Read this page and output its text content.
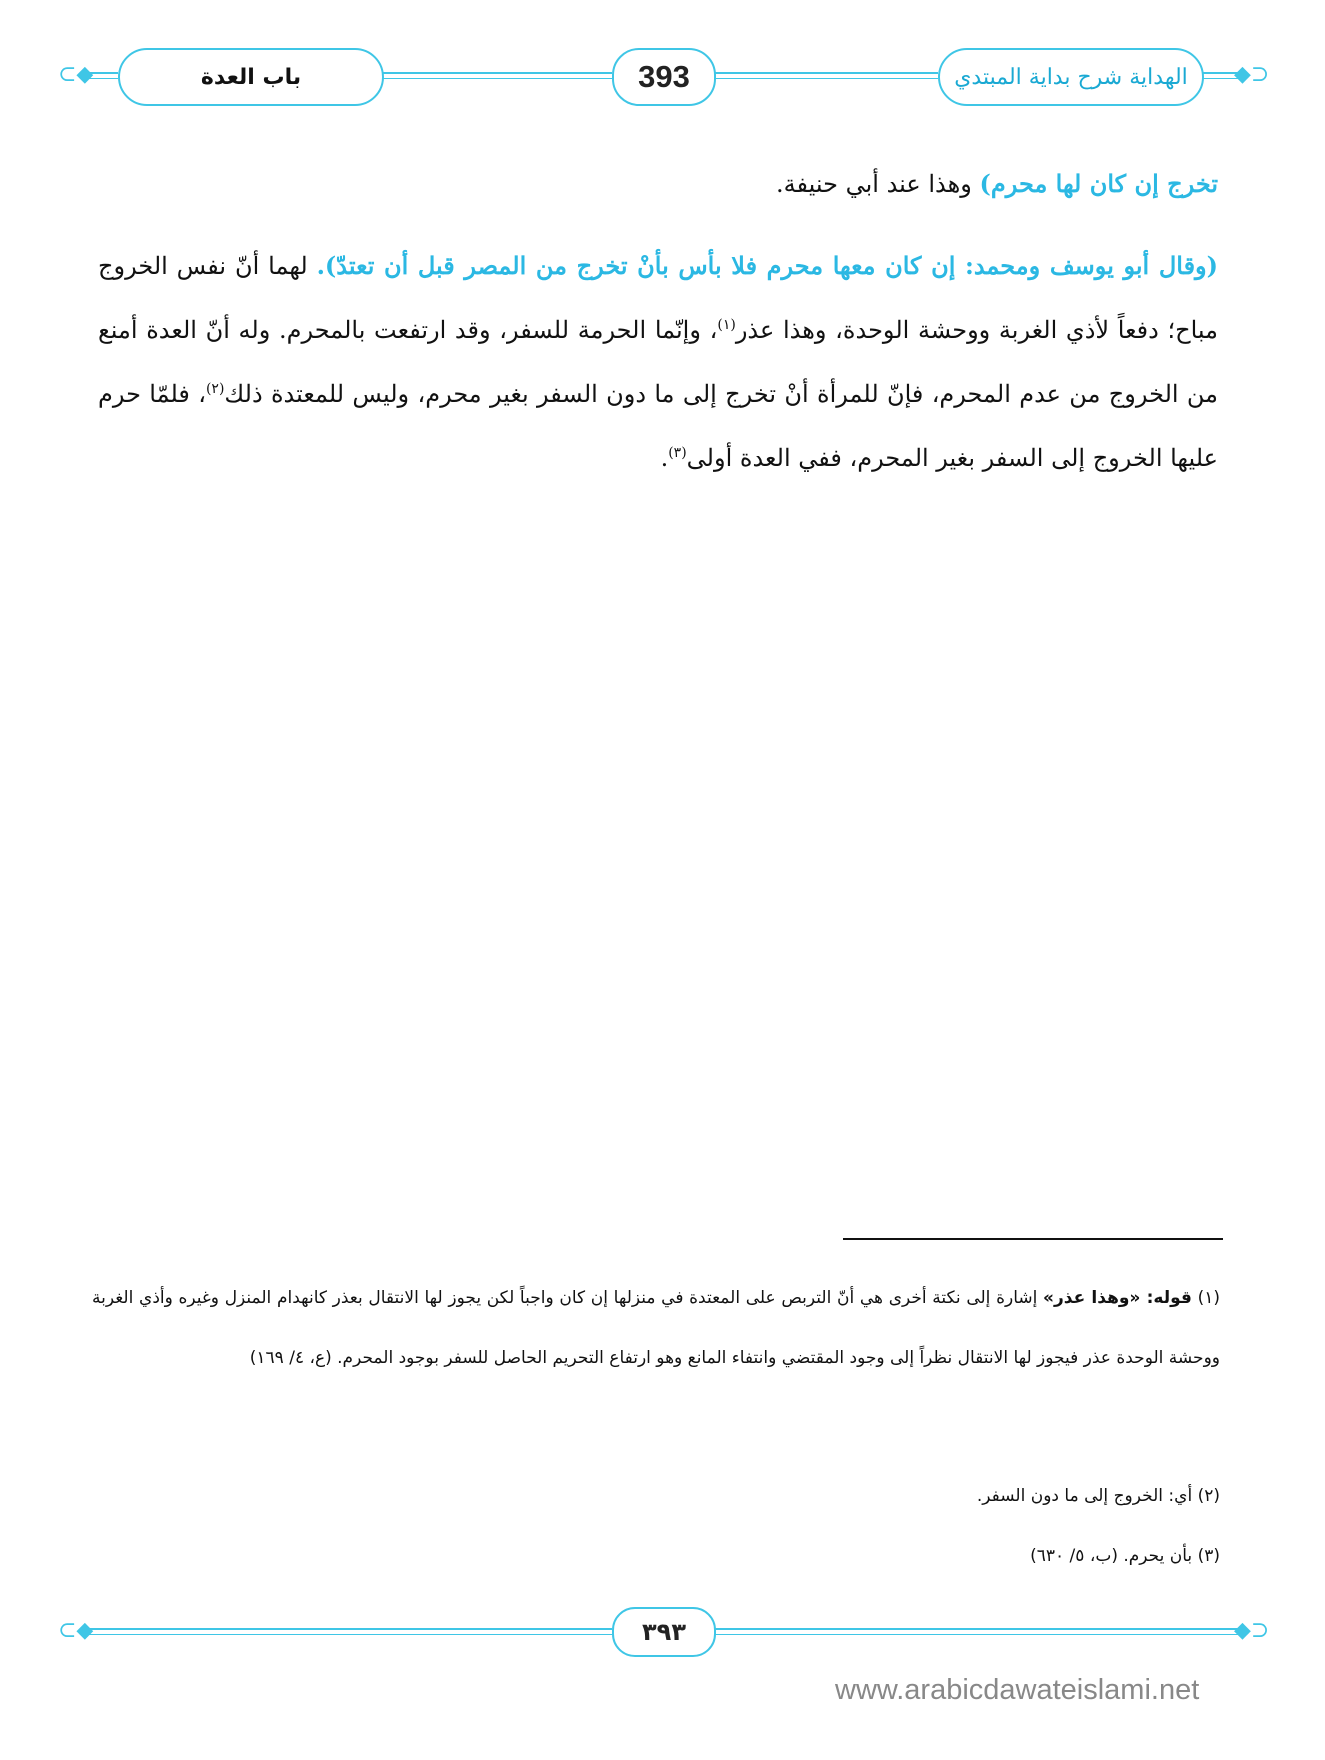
⊂◆	◆⊃
الهداية شرح بداية المبتدي
393
باب العدة
تخرج إن كان لها محرم) وهذا عند أبي حنيفة.
(وقال أبو يوسف ومحمد: إن كان معها محرم فلا بأس بأنْ تخرج من المصر قبل أن تعتدّ). لهما أنّ نفس الخروج مباح؛ دفعاً لأذي الغربة ووحشة الوحدة، وهذا عذر$^{(١)}$، وإنّما الحرمة للسفر، وقد ارتفعت بالمحرم. وله أنّ العدة أمنع من الخروج من عدم المحرم، فإنّ للمرأة أنْ تخرج إلى ما دون السفر بغير محرم، وليس للمعتدة ذلك$^{(٢)}$، فلمّا حرم عليها الخروج إلى السفر بغير المحرم، ففي العدة أولى$^{(٣)}$.
(١) قوله: «وهذا عذر» إشارة إلى نكتة أخرى هي أنّ التربص على المعتدة في منزلها إن كان واجباً لكن يجوز لها الانتقال بعذر كانهدام المنزل وغيره وأذي الغربة ووحشة الوحدة عذر فيجوز لها الانتقال نظراً إلى وجود المقتضي وانتفاء المانع وهو ارتفاع التحريم الحاصل للسفر بوجود المحرم. (ع، ٤/ ١٦٩)
(٢) أي: الخروج إلى ما دون السفر.
(٣) بأن يحرم. (ب، ٥/ ٦٣٠)
⊂◆	◆⊃
٣٩٣
www.arabicdawateislami.net
